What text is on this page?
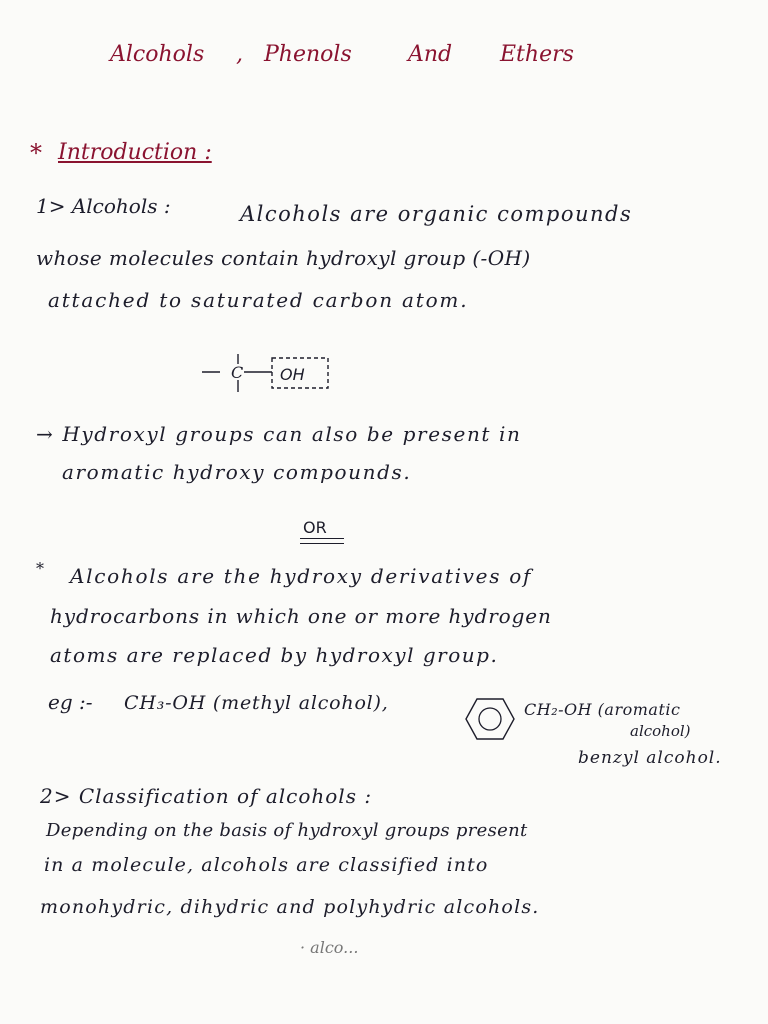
Alcohols , Phenols	And Ethers
* Introduction :
1> Alcohols :	Alcohols are organic compounds
whose molecules contain hydroxyl group (-OH)
attached to saturated carbon atom.
C OH
→ Hydroxyl groups can also be present in
aromatic hydroxy compounds.
OR
* Alcohols are the hydroxy derivatives of
hydrocarbons in which one or more hydrogen
atoms are replaced by hydroxyl group.
eg :- CH₃-OH (methyl alcohol),	CH₂-OH (aromatic
alcohol)
benzyl alcohol.
2> Classification of alcohols :
Depending on the basis of hydroxyl groups present
in a molecule, alcohols are classified into
monohydric, dihydric and polyhydric alcohols.
· alco...
